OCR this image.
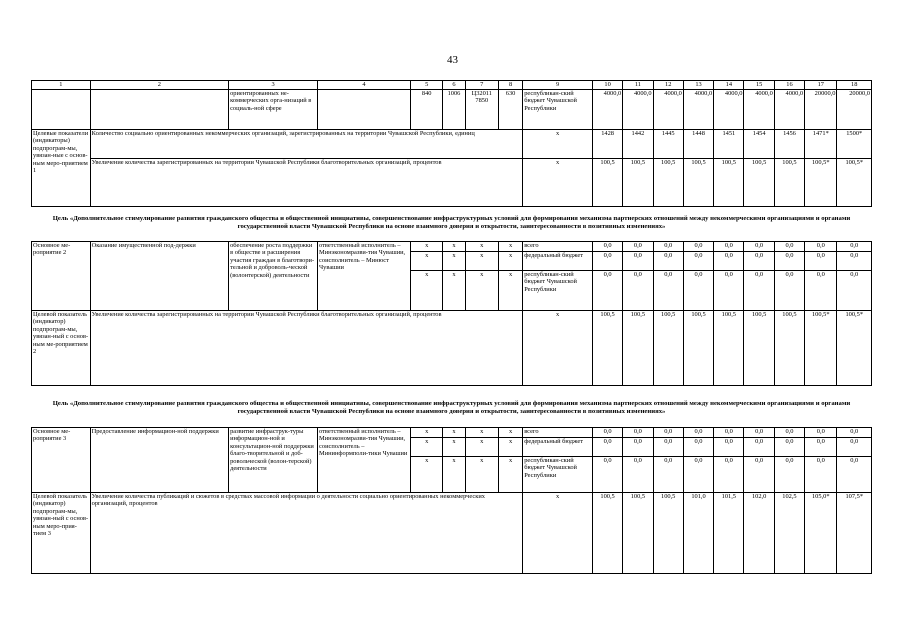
43
1	2	3	4	5	6	7	8	9	10	11	12	13	14	15	16	17	18
		ориентированных не-коммерческих орга-низаций в социаль-ной сфере		840	1006	Ц32011 7850	630	республикан-ский бюджет Чувашской Республики	4000,0	4000,0	4000,0	4000,0	4000,0	4000,0	4000,0	20000,0	20000,0
Целевые показатели (индикаторы) подпрограм-мы, увязан-ные с основ-ным меро-приятием 1	Количество социально ориентированных некоммерческих организаций, зарегистрированных на территории Чувашской Республики, единиц							x	1428	1442	1445	1448	1451	1454	1456	1471*	1500*
	Увеличение количества зарегистрированных на территории Чувашской Республики благотворительных организаций, процентов							x	100,5	100,5	100,5	100,5	100,5	100,5	100,5	100,5*	100,5*
Цель «Дополнительное стимулирование развития гражданского общества и общественной инициативы, совершенствование инфраструктурных условий для формирования механизма партнерских отношений между некоммерческими организациями и органами государственной власти Чувашской Республики на основе взаимного доверия и открытости, заинтересованности в позитивных изменениях»
Основное ме-роприятие 2	Оказание имущественной под-держки	обеспечение роста поддержки в обществе и расширения участия граждан в благотвори-тельной и доброволь-ческой (волонтерской) деятельности	ответственный исполнитель – Минэкономразви-тия Чувашии, соисполнитель – Минюст Чувашии	x	x	x	x	всего	0,0	0,0	0,0	0,0	0,0	0,0	0,0	0,0	0,0
				x	x	x	x	федеральный бюджет	0,0	0,0	0,0	0,0	0,0	0,0	0,0	0,0	0,0
				x	x	x	x	республикан-ский бюджет Чувашской Республики	0,0	0,0	0,0	0,0	0,0	0,0	0,0	0,0	0,0
Целевой показатель (индикатор) подпрограм-мы, увязан-ный с основ-ным ме-роприятием 2	Увеличение количества зарегистрированных на территории Чувашской Республики благотворительных организаций, процентов							x	100,5	100,5	100,5	100,5	100,5	100,5	100,5	100,5*	100,5*
Цель «Дополнительное стимулирование развития гражданского общества и общественной инициативы, совершенствование инфраструктурных условий для формирования механизма партнерских отношений между некоммерческими организациями и органами государственной власти Чувашской Республики на основе взаимного доверия и открытости, заинтересованности в позитивных изменениях»
Основное ме-роприятие 3	Предоставление информацион-ной поддержки	развитие инфраструк-туры информацион-ной и консультацион-ной поддержки благо-творительной и доб-ровольческой (волон-терской) деятельности	ответственный исполнитель – Минэкономразви-тия Чувашии, соисполнитель – Мининформполи-тики Чувашии	x	x	x	x	всего	0,0	0,0	0,0	0,0	0,0	0,0	0,0	0,0	0,0
				x	x	x	x	федеральный бюджет	0,0	0,0	0,0	0,0	0,0	0,0	0,0	0,0	0,0
				x	x	x	x	республикан-ский бюджет Чувашской Республики	0,0	0,0	0,0	0,0	0,0	0,0	0,0	0,0	0,0
Целевой показатель (индикатор) подпрограм-мы, увязан-ный с основ-ным меро-прия-тием 3	Увеличение количества публикаций и сюжетов в средствах массовой информации о деятельности социально ориентированных некоммерческих организаций, процентов							x	100,5	100,5	100,5	101,0	101,5	102,0	102,5	105,0*	107,5*
